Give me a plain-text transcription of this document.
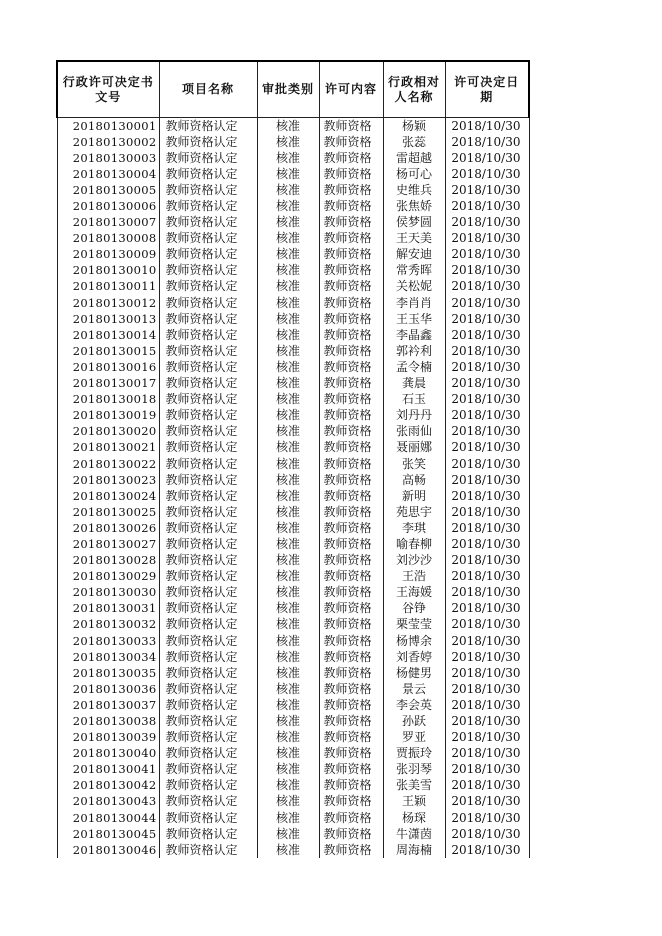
行政许可决定书文号	项目名称	审批类别	许可内容	行政相对人名称	许可决定日期
20180130001	教师资格认定	核准	教师资格	杨颖	2018/10/30
20180130002	教师资格认定	核准	教师资格	张蕊	2018/10/30
20180130003	教师资格认定	核准	教师资格	雷超越	2018/10/30
20180130004	教师资格认定	核准	教师资格	杨可心	2018/10/30
20180130005	教师资格认定	核准	教师资格	史维兵	2018/10/30
20180130006	教师资格认定	核准	教师资格	张焦娇	2018/10/30
20180130007	教师资格认定	核准	教师资格	侯梦圆	2018/10/30
20180130008	教师资格认定	核准	教师资格	王天美	2018/10/30
20180130009	教师资格认定	核准	教师资格	解安迪	2018/10/30
20180130010	教师资格认定	核准	教师资格	常秀晖	2018/10/30
20180130011	教师资格认定	核准	教师资格	关松妮	2018/10/30
20180130012	教师资格认定	核准	教师资格	李肖肖	2018/10/30
20180130013	教师资格认定	核准	教师资格	王玉华	2018/10/30
20180130014	教师资格认定	核准	教师资格	李晶鑫	2018/10/30
20180130015	教师资格认定	核准	教师资格	郭衿利	2018/10/30
20180130016	教师资格认定	核准	教师资格	孟令楠	2018/10/30
20180130017	教师资格认定	核准	教师资格	龚晨	2018/10/30
20180130018	教师资格认定	核准	教师资格	石玉	2018/10/30
20180130019	教师资格认定	核准	教师资格	刘丹丹	2018/10/30
20180130020	教师资格认定	核准	教师资格	张雨仙	2018/10/30
20180130021	教师资格认定	核准	教师资格	聂丽娜	2018/10/30
20180130022	教师资格认定	核准	教师资格	张笑	2018/10/30
20180130023	教师资格认定	核准	教师资格	高畅	2018/10/30
20180130024	教师资格认定	核准	教师资格	新明	2018/10/30
20180130025	教师资格认定	核准	教师资格	苑思宇	2018/10/30
20180130026	教师资格认定	核准	教师资格	李琪	2018/10/30
20180130027	教师资格认定	核准	教师资格	喻春柳	2018/10/30
20180130028	教师资格认定	核准	教师资格	刘沙沙	2018/10/30
20180130029	教师资格认定	核准	教师资格	王浩	2018/10/30
20180130030	教师资格认定	核准	教师资格	王海媛	2018/10/30
20180130031	教师资格认定	核准	教师资格	谷铮	2018/10/30
20180130032	教师资格认定	核准	教师资格	栗莹莹	2018/10/30
20180130033	教师资格认定	核准	教师资格	杨博余	2018/10/30
20180130034	教师资格认定	核准	教师资格	刘香婷	2018/10/30
20180130035	教师资格认定	核准	教师资格	杨健男	2018/10/30
20180130036	教师资格认定	核准	教师资格	景云	2018/10/30
20180130037	教师资格认定	核准	教师资格	李会英	2018/10/30
20180130038	教师资格认定	核准	教师资格	孙跃	2018/10/30
20180130039	教师资格认定	核准	教师资格	罗亚	2018/10/30
20180130040	教师资格认定	核准	教师资格	贾振玲	2018/10/30
20180130041	教师资格认定	核准	教师资格	张羽琴	2018/10/30
20180130042	教师资格认定	核准	教师资格	张美雪	2018/10/30
20180130043	教师资格认定	核准	教师资格	王颖	2018/10/30
20180130044	教师资格认定	核准	教师资格	杨琛	2018/10/30
20180130045	教师资格认定	核准	教师资格	牛潇茵	2018/10/30
20180130046	教师资格认定	核准	教师资格	周海楠	2018/10/30
